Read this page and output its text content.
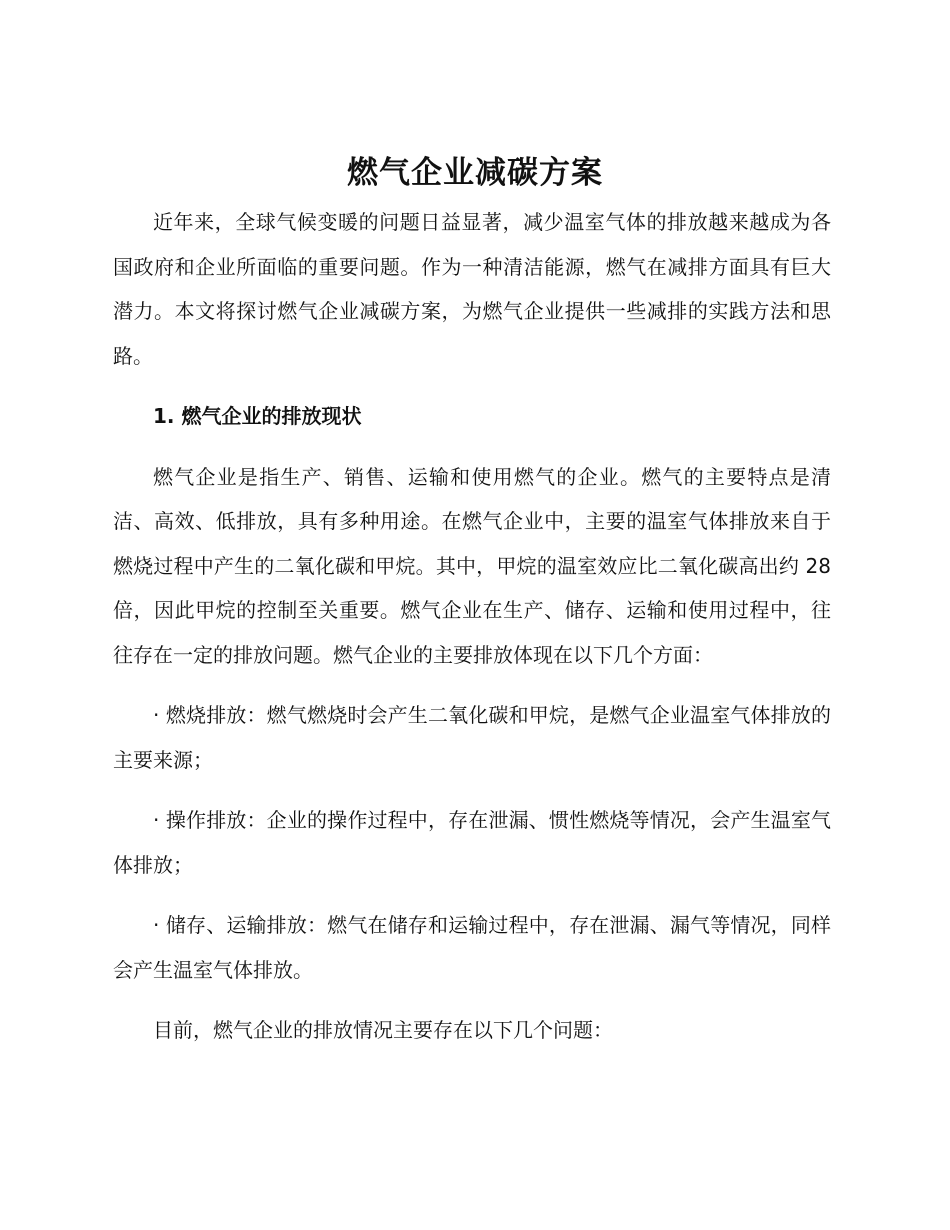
燃气企业减碳方案

近年来，全球气候变暖的问题日益显著，减少温室气体的排放越来越成为各国政府和企业所面临的重要问题。作为一种清洁能源，燃气在减排方面具有巨大潜力。本文将探讨燃气企业减碳方案，为燃气企业提供一些减排的实践方法和思路。

1. 燃气企业的排放现状

燃气企业是指生产、销售、运输和使用燃气的企业。燃气的主要特点是清洁、高效、低排放，具有多种用途。在燃气企业中，主要的温室气体排放来自于燃烧过程中产生的二氧化碳和甲烷。其中，甲烷的温室效应比二氧化碳高出约 28 倍，因此甲烷的控制至关重要。燃气企业在生产、储存、运输和使用过程中，往往存在一定的排放问题。燃气企业的主要排放体现在以下几个方面：

· 燃烧排放：燃气燃烧时会产生二氧化碳和甲烷，是燃气企业温室气体排放的主要来源；

· 操作排放：企业的操作过程中，存在泄漏、惯性燃烧等情况，会产生温室气体排放；

· 储存、运输排放：燃气在储存和运输过程中，存在泄漏、漏气等情况，同样会产生温室气体排放。

目前，燃气企业的排放情况主要存在以下几个问题：
